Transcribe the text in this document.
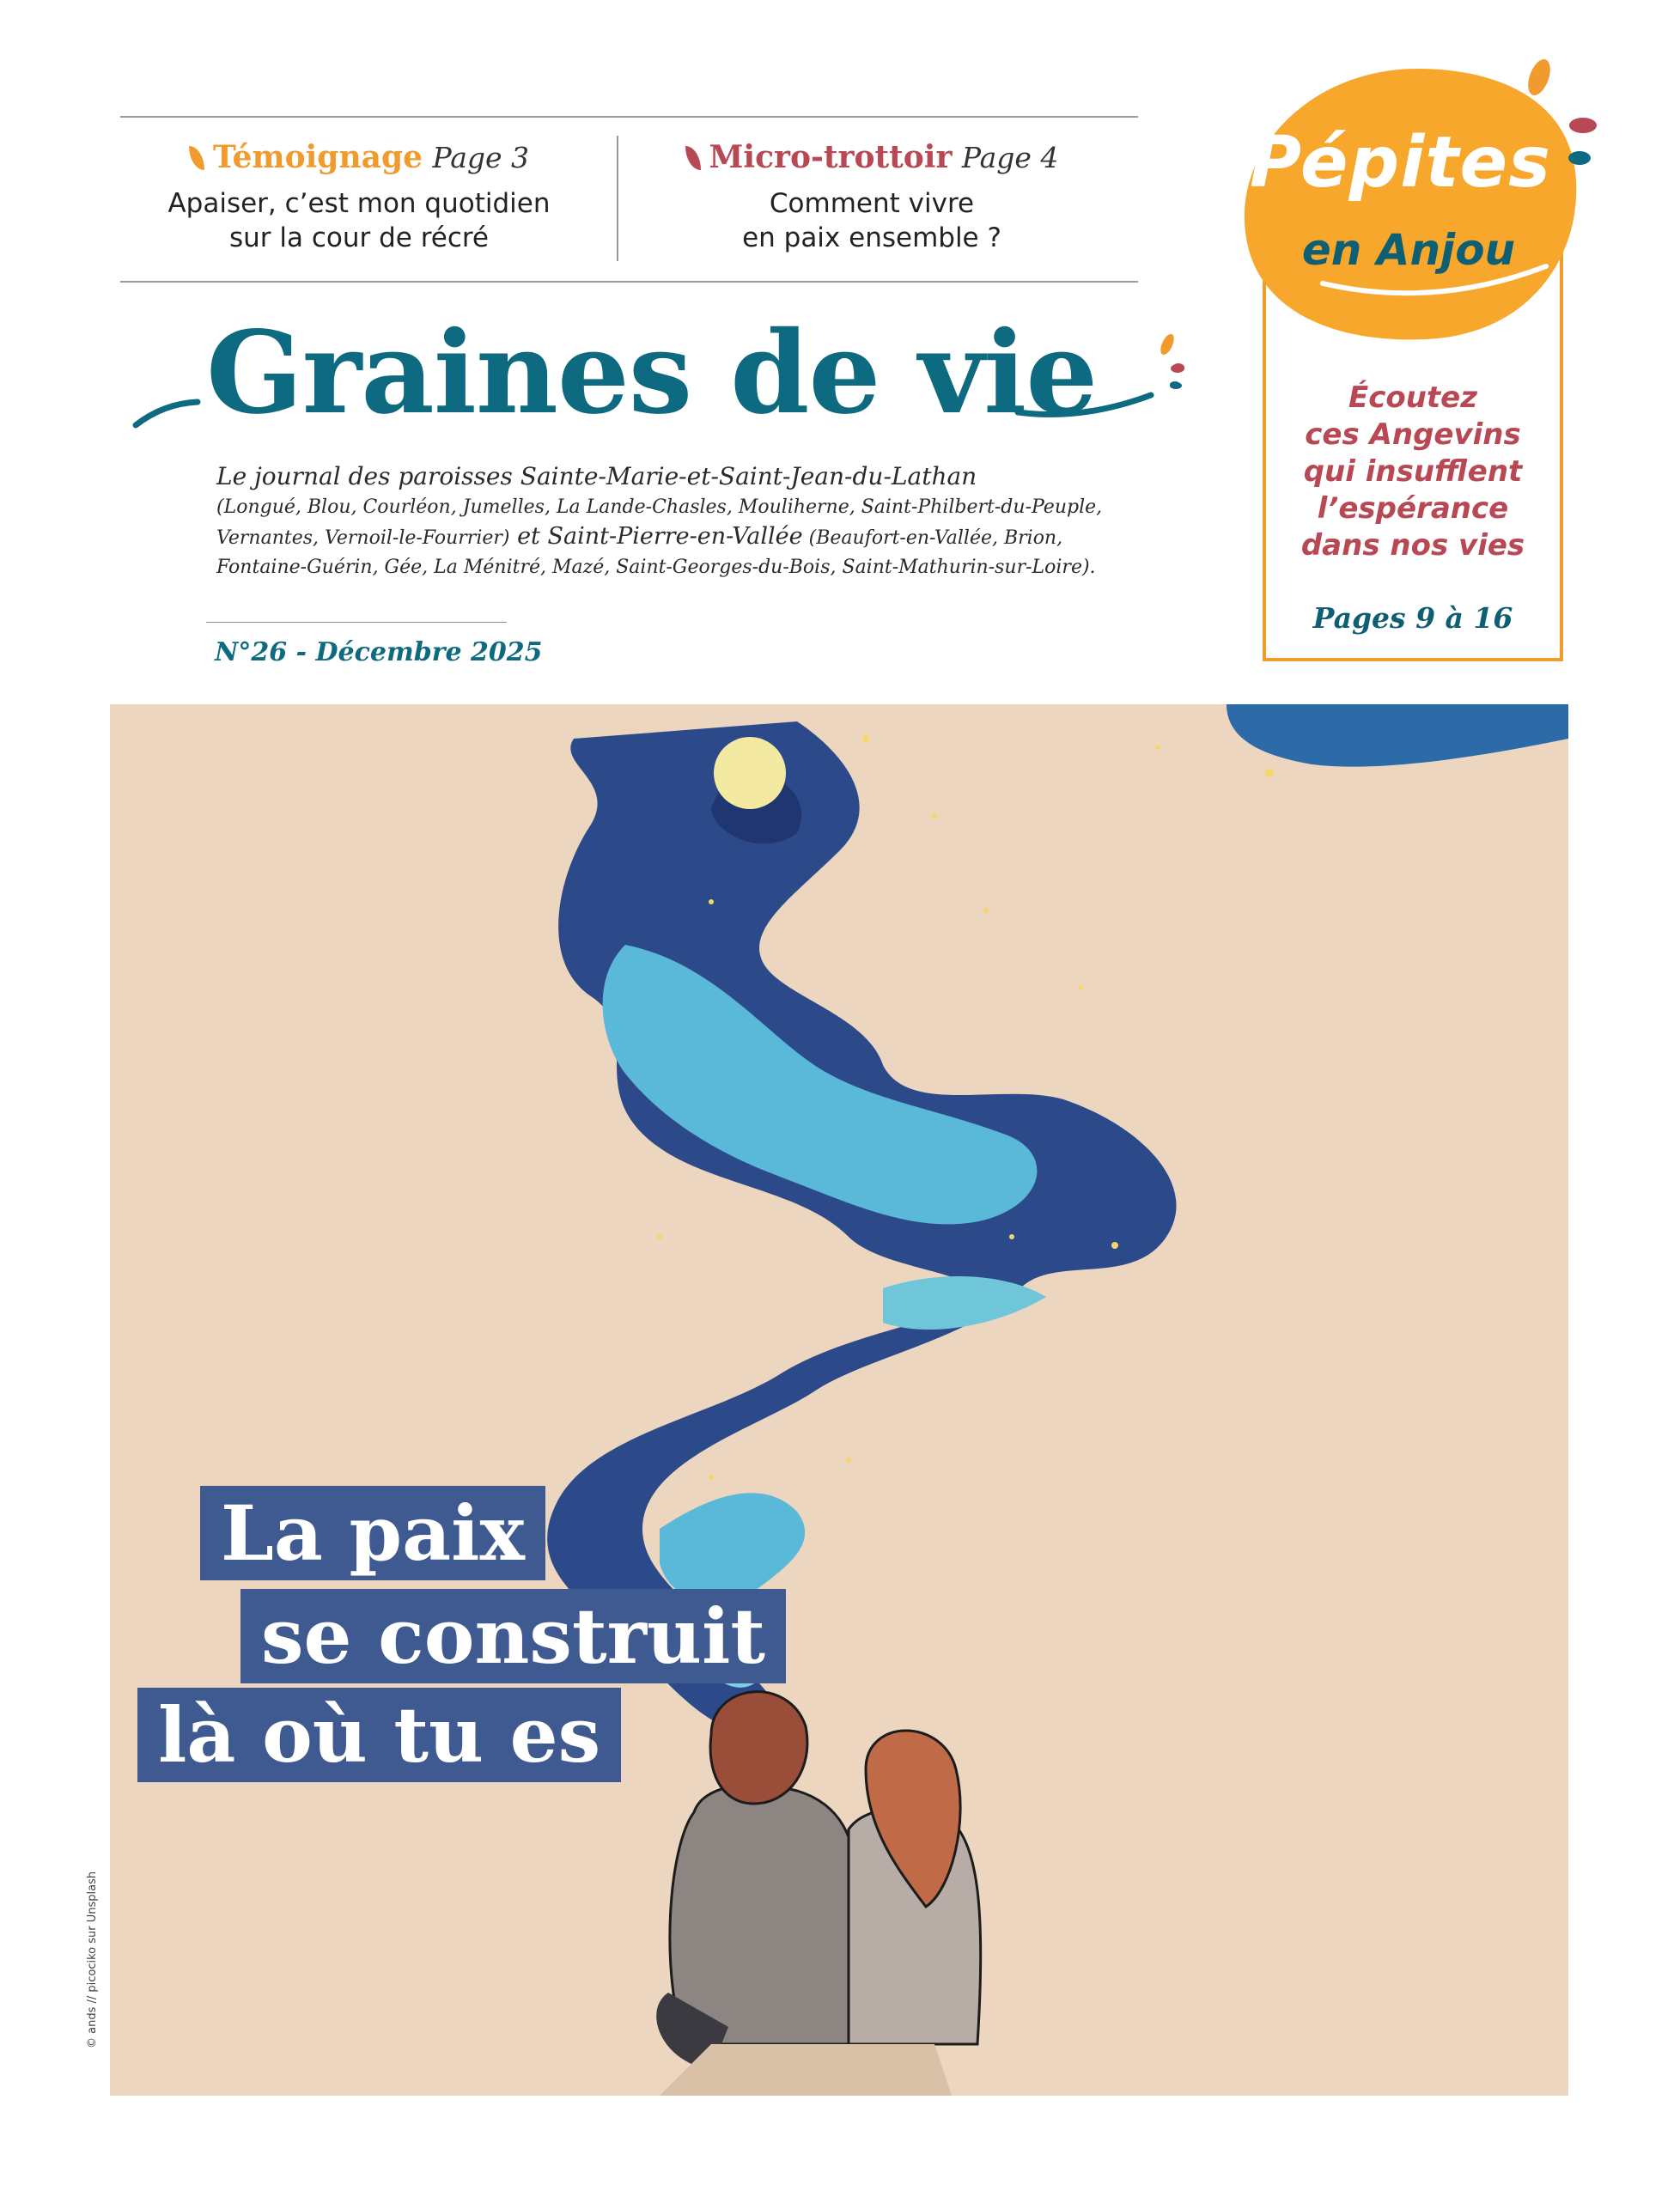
Témoignage Page 3
Apaiser, c’est mon quotidien
sur la cour de récré
Micro-trottoir Page 4
Comment vivre
en paix ensemble ?
Graines de vie
Le journal des paroisses Sainte-Marie-et-Saint-Jean-du-Lathan
(Longué, Blou, Courléon, Jumelles, La Lande-Chasles, Mouliherne, Saint-Philbert-du-Peuple,
Vernantes, Vernoil-le-Fourrier) et Saint-Pierre-en-Vallée (Beaufort-en-Vallée, Brion,
Fontaine-Guérin, Gée, La Ménitré, Mazé, Saint-Georges-du-Bois, Saint-Mathurin-sur-Loire).
N°26 - Décembre 2025
Pépites
en Anjou
Écoutez
ces Angevins
qui insufflent
l’espérance
dans nos vies
Pages 9 à 16
La paix
se construit
là où tu es
© ands // picociko sur Unsplash
